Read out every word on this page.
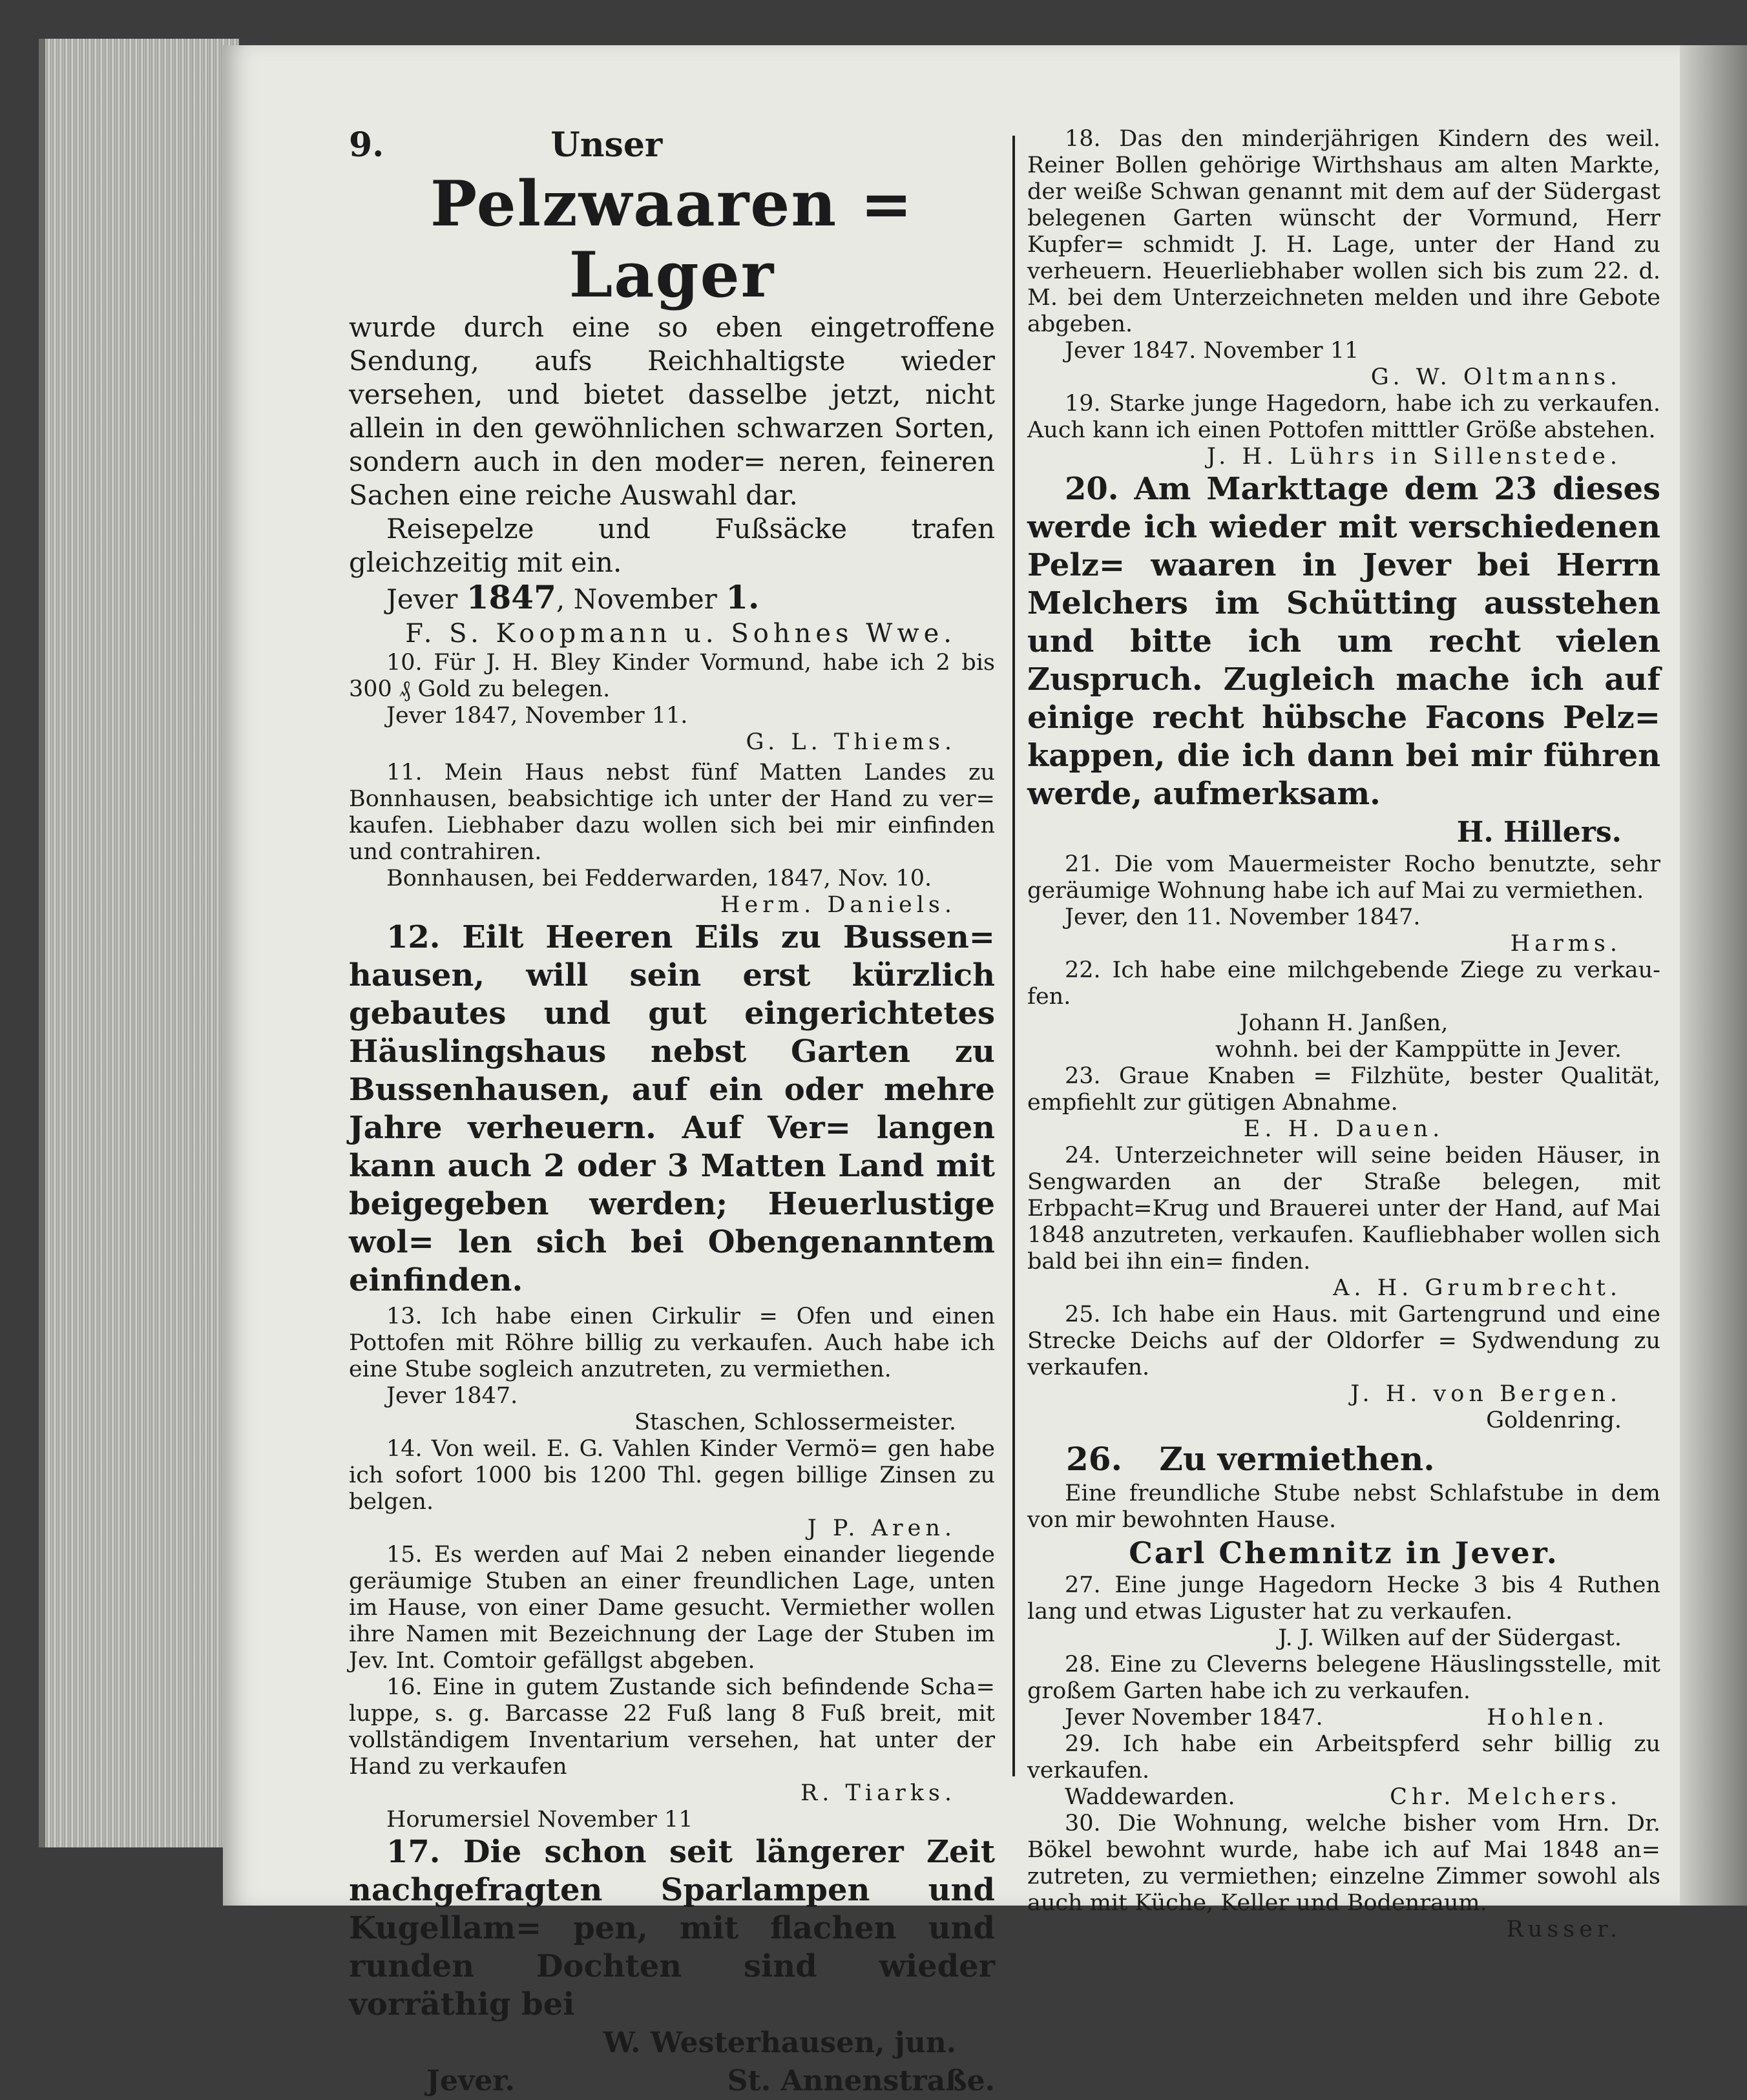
9.	Unser

Pelzwaaren = Lager

wurde durch eine so eben eingetroffene Sendung, aufs Reichhaltigste wieder versehen, und bietet dasselbe jetzt, nicht allein in den gewöhnlichen schwarzen Sorten, sondern auch in den moder= neren, feineren Sachen eine reiche Auswahl dar.

Reisepelze und Fußsäcke trafen gleichzeitig mit ein.

Jever 1847, November 1.

F. S. Koopmann u. Sohnes Wwe.

10. Für J. H. Bley Kinder Vormund, habe ich 2 bis 300 ₰ Gold zu belegen.

Jever 1847, November 11.

G. L. Thiems.

11. Mein Haus nebst fünf Matten Landes zu Bonnhausen, beabsichtige ich unter der Hand zu ver= kaufen. Liebhaber dazu wollen sich bei mir einfinden und contrahiren.

Bonnhausen, bei Fedderwarden, 1847, Nov. 10.

Herm. Daniels.

12. Eilt Heeren Eils zu Bussen= hausen, will sein erst kürzlich gebautes und gut eingerichtetes Häuslingshaus nebst Garten zu Bussenhausen, auf ein oder mehre Jahre verheuern. Auf Ver= langen kann auch 2 oder 3 Matten Land mit beigegeben werden; Heuerlustige wol= len sich bei Obengenanntem einfinden.

13. Ich habe einen Cirkulir = Ofen und einen Pottofen mit Röhre billig zu verkaufen. Auch habe ich eine Stube sogleich anzutreten, zu vermiethen.

Jever 1847.

Staschen, Schlossermeister.

14. Von weil. E. G. Vahlen Kinder Vermö= gen habe ich sofort 1000 bis 1200 Thl. gegen billige Zinsen zu belgen.

J P. Aren.

15. Es werden auf Mai 2 neben einander liegende geräumige Stuben an einer freundlichen Lage, unten im Hause, von einer Dame gesucht. Vermiether wollen ihre Namen mit Bezeichnung der Lage der Stuben im Jev. Int. Comtoir gefällgst abgeben.

16. Eine in gutem Zustande sich befindende Scha= luppe, s. g. Barcasse 22 Fuß lang 8 Fuß breit, mit vollständigem Inventarium versehen, hat unter der Hand zu verkaufen

R. Tiarks.

Horumersiel November 11

17. Die schon seit längerer Zeit nachgefragten Sparlampen und Kugellam= pen, mit flachen und runden Dochten sind wieder vorräthig bei

W. Westerhausen, jun.

Jever.	St. Annenstraße.

18. Das den minderjährigen Kindern des weil. Reiner Bollen gehörige Wirthshaus am alten Markte, der weiße Schwan genannt mit dem auf der Südergast belegenen Garten wünscht der Vormund, Herr Kupfer= schmidt J. H. Lage, unter der Hand zu verheuern. Heuerliebhaber wollen sich bis zum 22. d. M. bei dem Unterzeichneten melden und ihre Gebote abgeben.

Jever 1847. November 11

G. W. Oltmanns.

19. Starke junge Hagedorn, habe ich zu verkaufen. Auch kann ich einen Pottofen mitttler Größe abstehen.

J. H. Lührs in Sillenstede.

20. Am Markttage dem 23 dieses werde ich wieder mit verschiedenen Pelz= waaren in Jever bei Herrn Melchers im Schütting ausstehen und bitte ich um recht vielen Zuspruch. Zugleich mache ich auf einige recht hübsche Facons Pelz= kappen, die ich dann bei mir führen werde, aufmerksam.

H. Hillers.

21. Die vom Mauermeister Rocho benutzte, sehr geräumige Wohnung habe ich auf Mai zu vermiethen.

Jever, den 11. November 1847.

Harms.

22. Ich habe eine milchgebende Ziege zu verkau- fen.

Johann H. Janßen,

wohnh. bei der Kamppütte in Jever.

23. Graue Knaben = Filzhüte, bester Qualität, empfiehlt zur gütigen Abnahme.

E. H. Dauen.

24. Unterzeichneter will seine beiden Häuser, in Sengwarden an der Straße belegen, mit Erbpacht=Krug und Brauerei unter der Hand, auf Mai 1848 anzutreten, verkaufen. Kaufliebhaber wollen sich bald bei ihn ein= finden.

A. H. Grumbrecht.

25. Ich habe ein Haus. mit Gartengrund und eine Strecke Deichs auf der Oldorfer = Sydwendung zu verkaufen.

J. H. von Bergen.

Goldenring.

26. Zu vermiethen.

Eine freundliche Stube nebst Schlafstube in dem von mir bewohnten Hause.

Carl Chemnitz in Jever.

27. Eine junge Hagedorn Hecke 3 bis 4 Ruthen lang und etwas Liguster hat zu verkaufen.

J. J. Wilken auf der Südergast.

28. Eine zu Cleverns belegene Häuslingsstelle, mit großem Garten habe ich zu verkaufen.

Jever November 1847.	Hohlen.

29. Ich habe ein Arbeitspferd sehr billig zu verkaufen.

Waddewarden.	Chr. Melchers.

30. Die Wohnung, welche bisher vom Hrn. Dr. Bökel bewohnt wurde, habe ich auf Mai 1848 an= zutreten, zu vermiethen; einzelne Zimmer sowohl als auch mit Küche, Keller und Bodenraum.

Russer.
